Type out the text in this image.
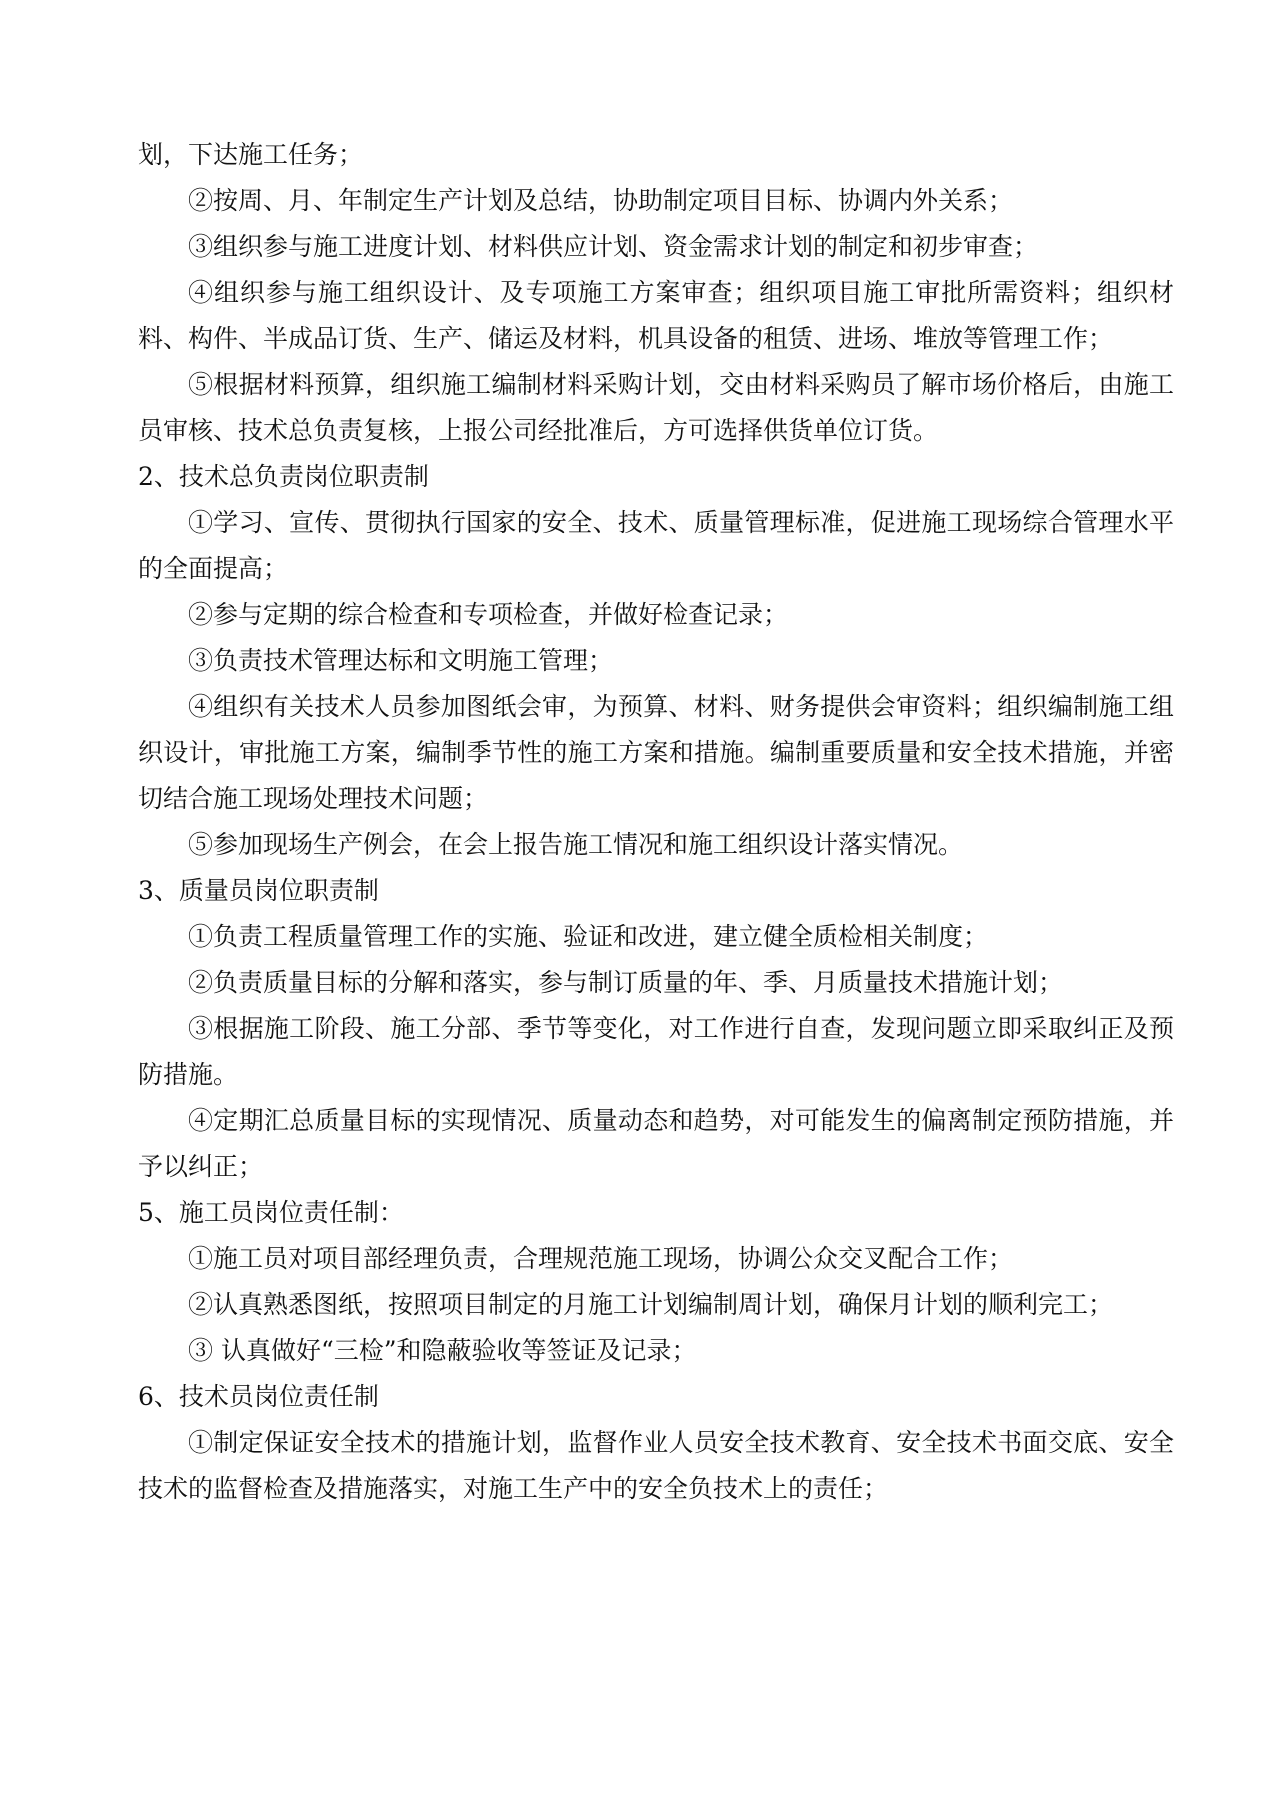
划，下达施工任务；

②按周、月、年制定生产计划及总结，协助制定项目目标、协调内外关系；

③组织参与施工进度计划、材料供应计划、资金需求计划的制定和初步审查；

④组织参与施工组织设计、及专项施工方案审查；组织项目施工审批所需资料；组织材料、构件、半成品订货、生产、储运及材料，机具设备的租赁、进场、堆放等管理工作；

⑤根据材料预算，组织施工编制材料采购计划，交由材料采购员了解市场价格后，由施工员审核、技术总负责复核，上报公司经批准后，方可选择供货单位订货。

2、技术总负责岗位职责制

①学习、宣传、贯彻执行国家的安全、技术、质量管理标准，促进施工现场综合管理水平的全面提高；

②参与定期的综合检查和专项检查，并做好检查记录；

③负责技术管理达标和文明施工管理；

④组织有关技术人员参加图纸会审，为预算、材料、财务提供会审资料；组织编制施工组织设计，审批施工方案，编制季节性的施工方案和措施。编制重要质量和安全技术措施，并密切结合施工现场处理技术问题；

⑤参加现场生产例会，在会上报告施工情况和施工组织设计落实情况。

3、质量员岗位职责制

①负责工程质量管理工作的实施、验证和改进，建立健全质检相关制度；

②负责质量目标的分解和落实，参与制订质量的年、季、月质量技术措施计划；

③根据施工阶段、施工分部、季节等变化，对工作进行自查，发现问题立即采取纠正及预防措施。

④定期汇总质量目标的实现情况、质量动态和趋势，对可能发生的偏离制定预防措施，并予以纠正；

5、施工员岗位责任制：

①施工员对项目部经理负责，合理规范施工现场，协调公众交叉配合工作；

②认真熟悉图纸，按照项目制定的月施工计划编制周计划，确保月计划的顺利完工；

③ 认真做好“三检”和隐蔽验收等签证及记录；

6、技术员岗位责任制

①制定保证安全技术的措施计划，监督作业人员安全技术教育、安全技术书面交底、安全技术的监督检查及措施落实，对施工生产中的安全负技术上的责任；
